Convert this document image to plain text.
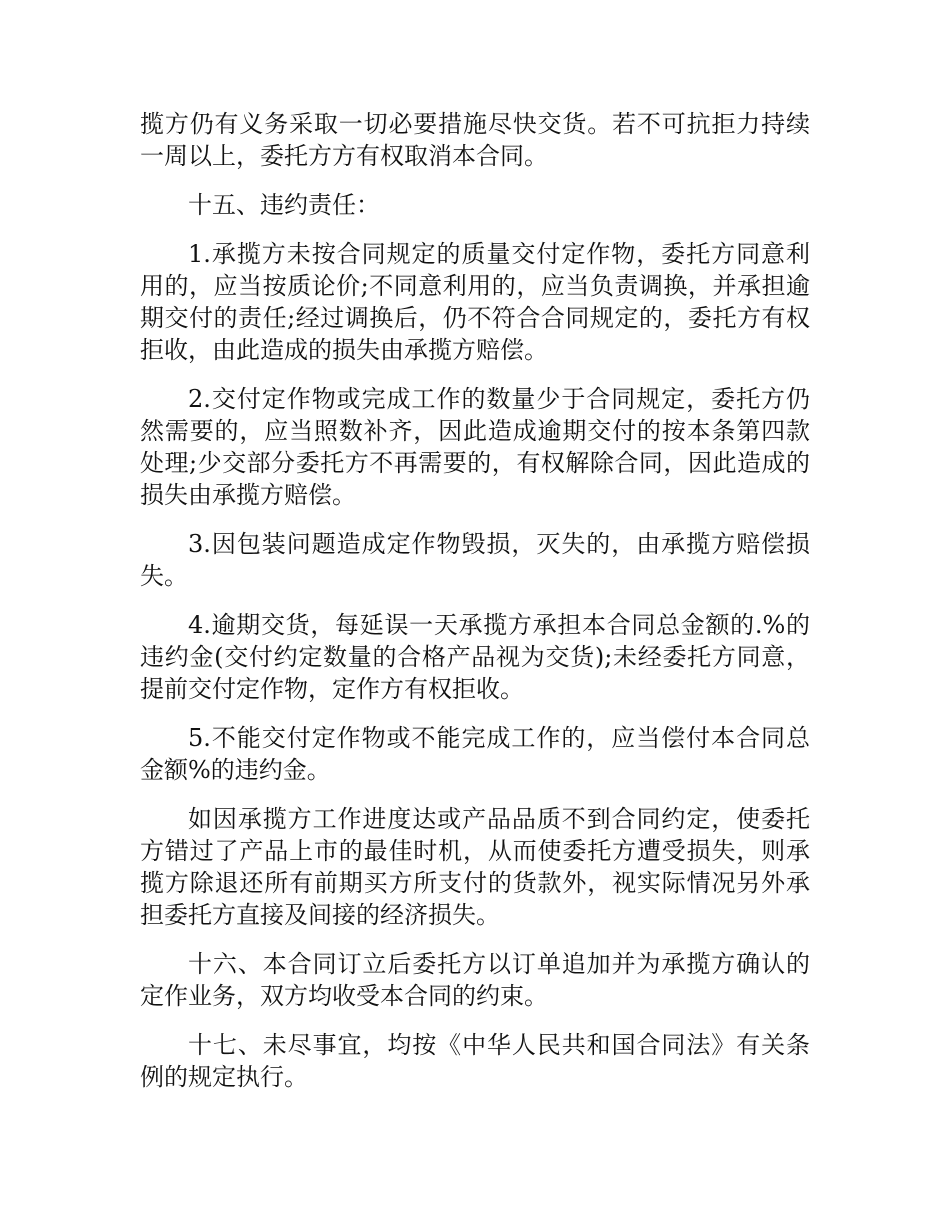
揽方仍有义务采取一切必要措施尽快交货。若不可抗拒力持续一周以上，委托方方有权取消本合同。

十五、违约责任：

1.承揽方未按合同规定的质量交付定作物，委托方同意利用的，应当按质论价;不同意利用的，应当负责调换，并承担逾期交付的责任;经过调换后，仍不符合合同规定的，委托方有权拒收，由此造成的损失由承揽方赔偿。

2.交付定作物或完成工作的数量少于合同规定，委托方仍然需要的，应当照数补齐，因此造成逾期交付的按本条第四款处理;少交部分委托方不再需要的，有权解除合同，因此造成的损失由承揽方赔偿。

3.因包装问题造成定作物毁损，灭失的，由承揽方赔偿损失。

4.逾期交货，每延误一天承揽方承担本合同总金额的.%的违约金(交付约定数量的合格产品视为交货);未经委托方同意，提前交付定作物，定作方有权拒收。

5.不能交付定作物或不能完成工作的，应当偿付本合同总金额%的违约金。

如因承揽方工作进度达或产品品质不到合同约定，使委托方错过了产品上市的最佳时机，从而使委托方遭受损失，则承揽方除退还所有前期买方所支付的货款外，视实际情况另外承担委托方直接及间接的经济损失。

十六、本合同订立后委托方以订单追加并为承揽方确认的定作业务，双方均收受本合同的约束。

十七、未尽事宜，均按《中华人民共和国合同法》有关条例的规定执行。
